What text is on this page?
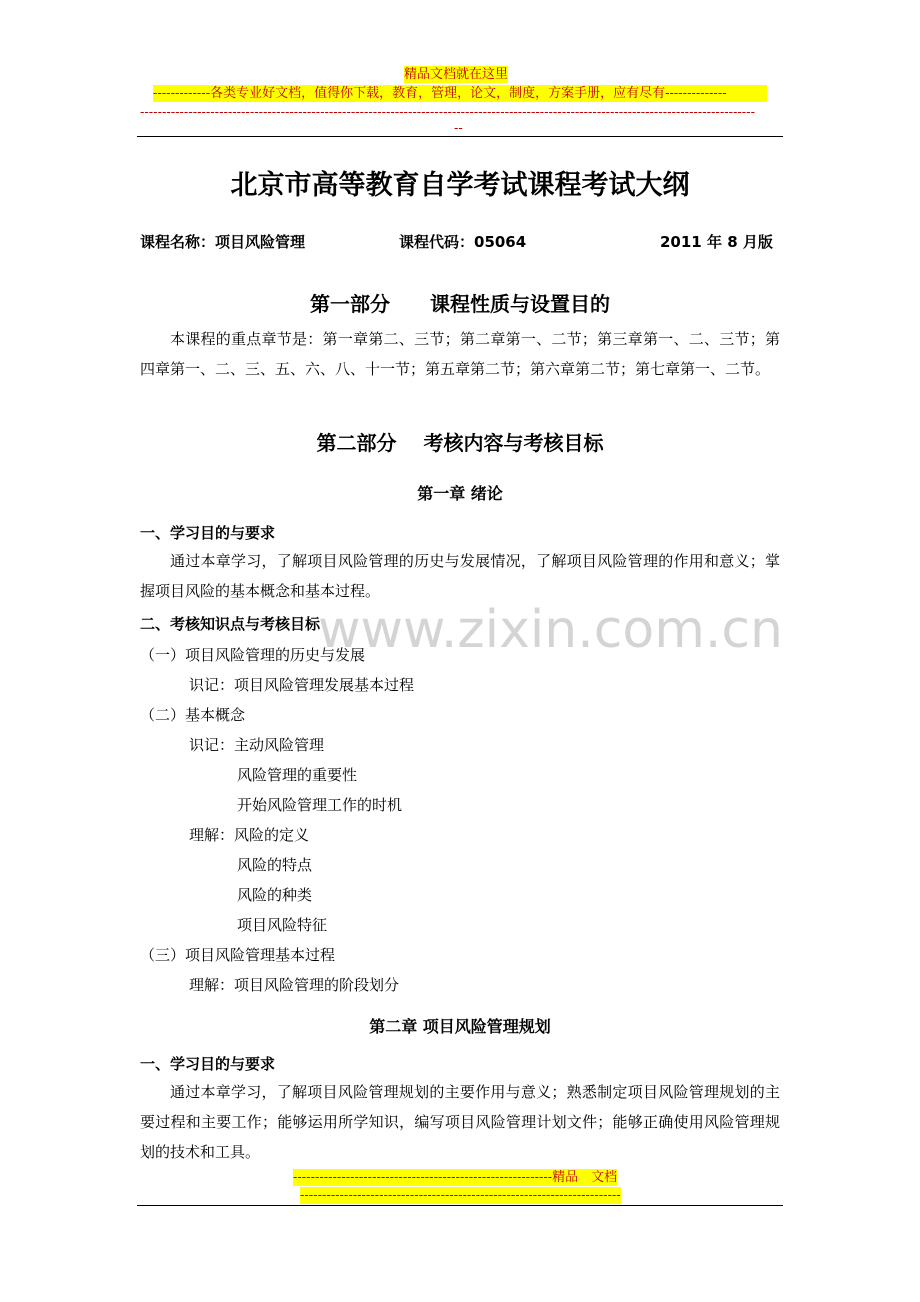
精品文档就在这里
-------------各类专业好文档，值得你下载，教育，管理，论文，制度，方案手册，应有尽有--------------
--------------------------------------------------------------------------------------------------------------------------------------------
--
www.zixin.com.cn
北京市高等教育自学考试课程考试大纲
课程名称：项目风险管理	课程代码：05064	2011 年 8 月版
第一部分　　课程性质与设置目的
本课程的重点章节是：第一章第二、三节；第二章第一、二节；第三章第一、二、三节；第四章第一、二、三、五、六、八、十一节；第五章第二节；第六章第二节；第七章第一、二节。
第二部分　 考核内容与考核目标
第一章 绪论
一、学习目的与要求
通过本章学习，了解项目风险管理的历史与发展情况，了解项目风险管理的作用和意义；掌握项目风险的基本概念和基本过程。
二、考核知识点与考核目标
（一）项目风险管理的历史与发展
识记：项目风险管理发展基本过程
（二）基本概念
识记：主动风险管理
风险管理的重要性
开始风险管理工作的时机
理解：风险的定义
风险的特点
风险的种类
项目风险特征
（三）项目风险管理基本过程
理解：项目风险管理的阶段划分
第二章 项目风险管理规划
一、学习目的与要求
通过本章学习，了解项目风险管理规划的主要作用与意义；熟悉制定项目风险管理规划的主要过程和主要工作；能够运用所学知识，编写项目风险管理计划文件；能够正确使用风险管理规划的技术和工具。
-----------------------------------------------------------精品　文档
-------------------------------------------------------------------------
